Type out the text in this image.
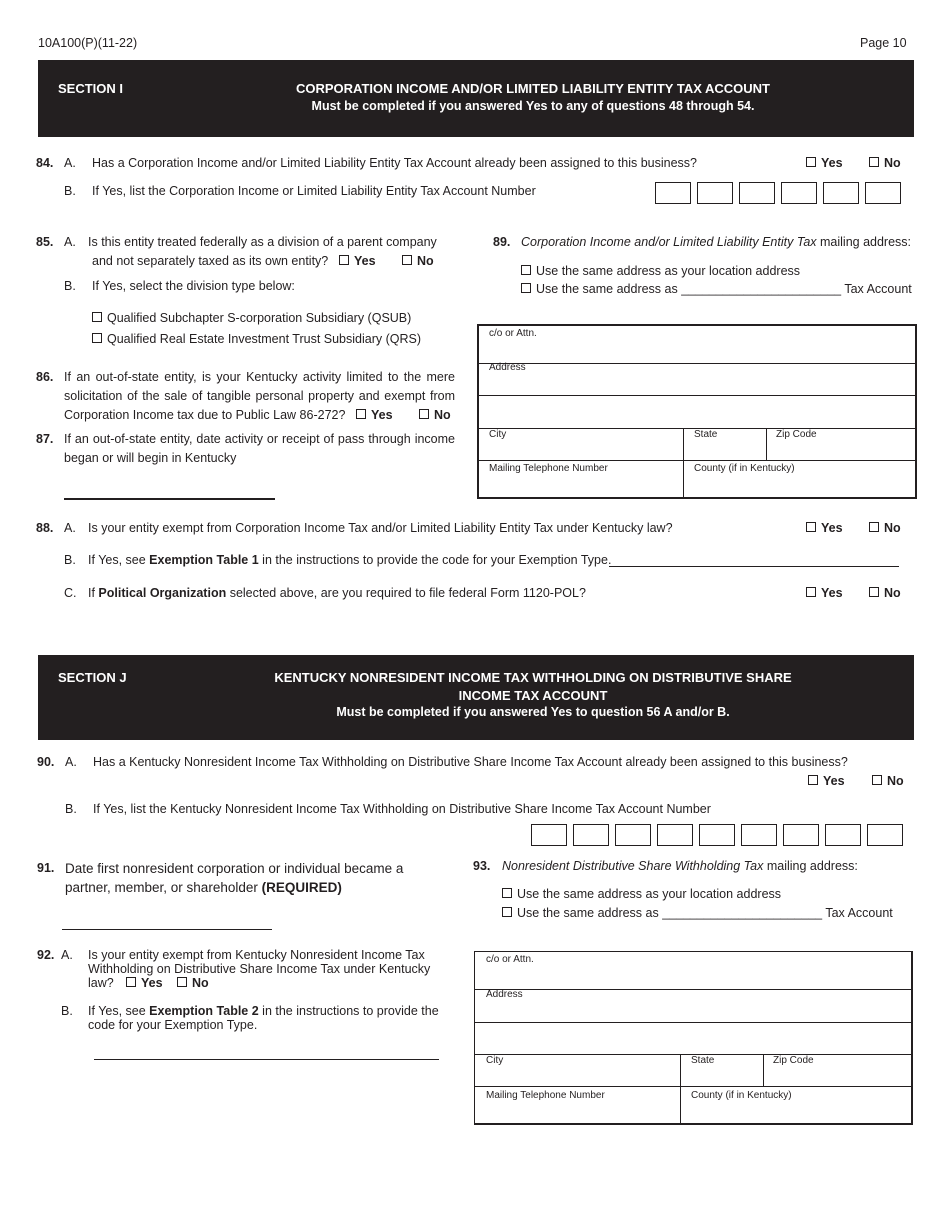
10A100(P)(11-22)	Page 10
SECTION I	CORPORATION INCOME AND/OR LIMITED LIABILITY ENTITY TAX ACCOUNT
Must be completed if you answered Yes to any of questions 48 through 54.
84. A. Has a Corporation Income and/or Limited Liability Entity Tax Account already been assigned to this business?	Yes	No
B. If Yes, list the Corporation Income or Limited Liability Entity Tax Account Number
85. A. Is this entity treated federally as a division of a parent company
and not separately taxed as its own entity?	Yes	No
B. If Yes, select the division type below:
Qualified Subchapter S-corporation Subsidiary (QSUB)
Qualified Real Estate Investment Trust Subsidiary (QRS)
86. If an out-of-state entity, is your Kentucky activity limited to the mere
solicitation of the sale of tangible personal property and exempt from
Corporation Income tax due to Public Law 86-272?	Yes	No
87. If an out-of-state entity, date activity or receipt of pass through income
began or will begin in Kentucky
89. Corporation Income and/or Limited Liability Entity Tax mailing address:
Use the same address as your location address
Use the same address as _______________________ Tax Account
c/o or Attn.
Address
City	State	Zip Code
Mailing Telephone Number	County (if in Kentucky)
88. A. Is your entity exempt from Corporation Income Tax and/or Limited Liability Entity Tax under Kentucky law?	Yes	No
B. If Yes, see Exemption Table 1 in the instructions to provide the code for your Exemption Type.
C. If Political Organization selected above, are you required to file federal Form 1120-POL?	Yes	No
SECTION J	KENTUCKY NONRESIDENT INCOME TAX WITHHOLDING ON DISTRIBUTIVE SHARE
INCOME TAX ACCOUNT
Must be completed if you answered Yes to question 56 A and/or B.
90. A. Has a Kentucky Nonresident Income Tax Withholding on Distributive Share Income Tax Account already been assigned to this business?
Yes	No
B. If Yes, list the Kentucky Nonresident Income Tax Withholding on Distributive Share Income Tax Account Number
91. Date first nonresident corporation or individual became a
partner, member, or shareholder (REQUIRED)
92. A. Is your entity exempt from Kentucky Nonresident Income Tax
Withholding on Distributive Share Income Tax under Kentucky
law?	Yes	No
B. If Yes, see Exemption Table 2 in the instructions to provide the
code for your Exemption Type.
93. Nonresident Distributive Share Withholding Tax mailing address:
Use the same address as your location address
Use the same address as _______________________ Tax Account
c/o or Attn.
Address
City	State	Zip Code
Mailing Telephone Number	County (if in Kentucky)
